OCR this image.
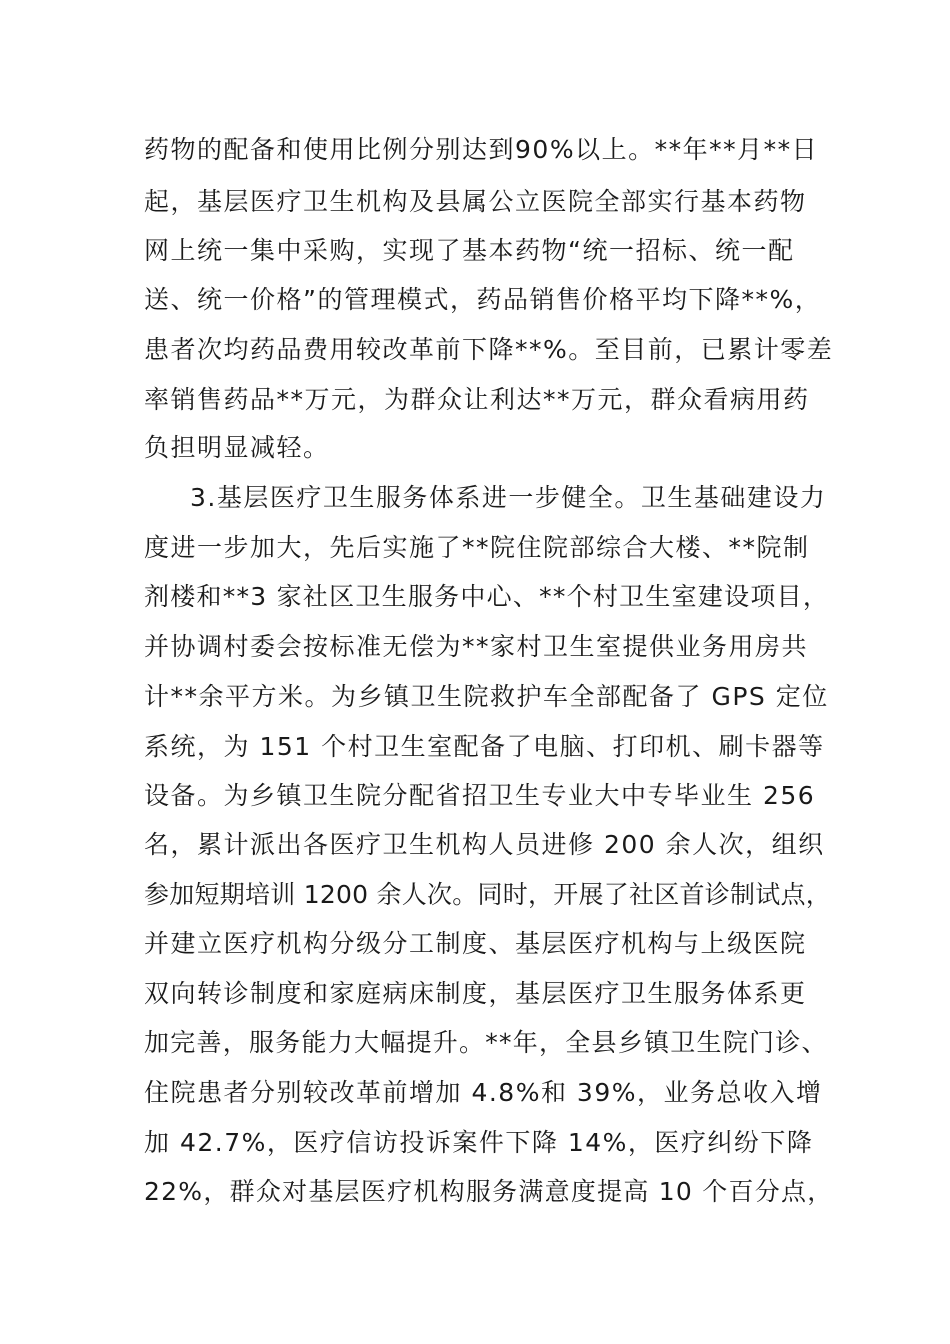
药物的配备和使用比例分别达到90%以上。**年**月**日
起，基层医疗卫生机构及县属公立医院全部实行基本药物
网上统一集中采购，实现了基本药物“统一招标、统一配
送、统一价格”的管理模式，药品销售价格平均下降**%，
患者次均药品费用较改革前下降**%。至目前，已累计零差
率销售药品**万元，为群众让利达**万元，群众看病用药
负担明显减轻。
3.基层医疗卫生服务体系进一步健全。卫生基础建设力
度进一步加大，先后实施了**院住院部综合大楼、**院制
剂楼和**3 家社区卫生服务中心、**个村卫生室建设项目，
并协调村委会按标准无偿为**家村卫生室提供业务用房共
计**余平方米。为乡镇卫生院救护车全部配备了 GPS 定位
系统，为 151 个村卫生室配备了电脑、打印机、刷卡器等
设备。为乡镇卫生院分配省招卫生专业大中专毕业生 256
名，累计派出各医疗卫生机构人员进修 200 余人次，组织
参加短期培训 1200 余人次。同时，开展了社区首诊制试点，
并建立医疗机构分级分工制度、基层医疗机构与上级医院
双向转诊制度和家庭病床制度，基层医疗卫生服务体系更
加完善，服务能力大幅提升。**年，全县乡镇卫生院门诊、
住院患者分别较改革前增加 4.8%和 39%，业务总收入增
加 42.7%，医疗信访投诉案件下降 14%，医疗纠纷下降
22%，群众对基层医疗机构服务满意度提高 10 个百分点，
